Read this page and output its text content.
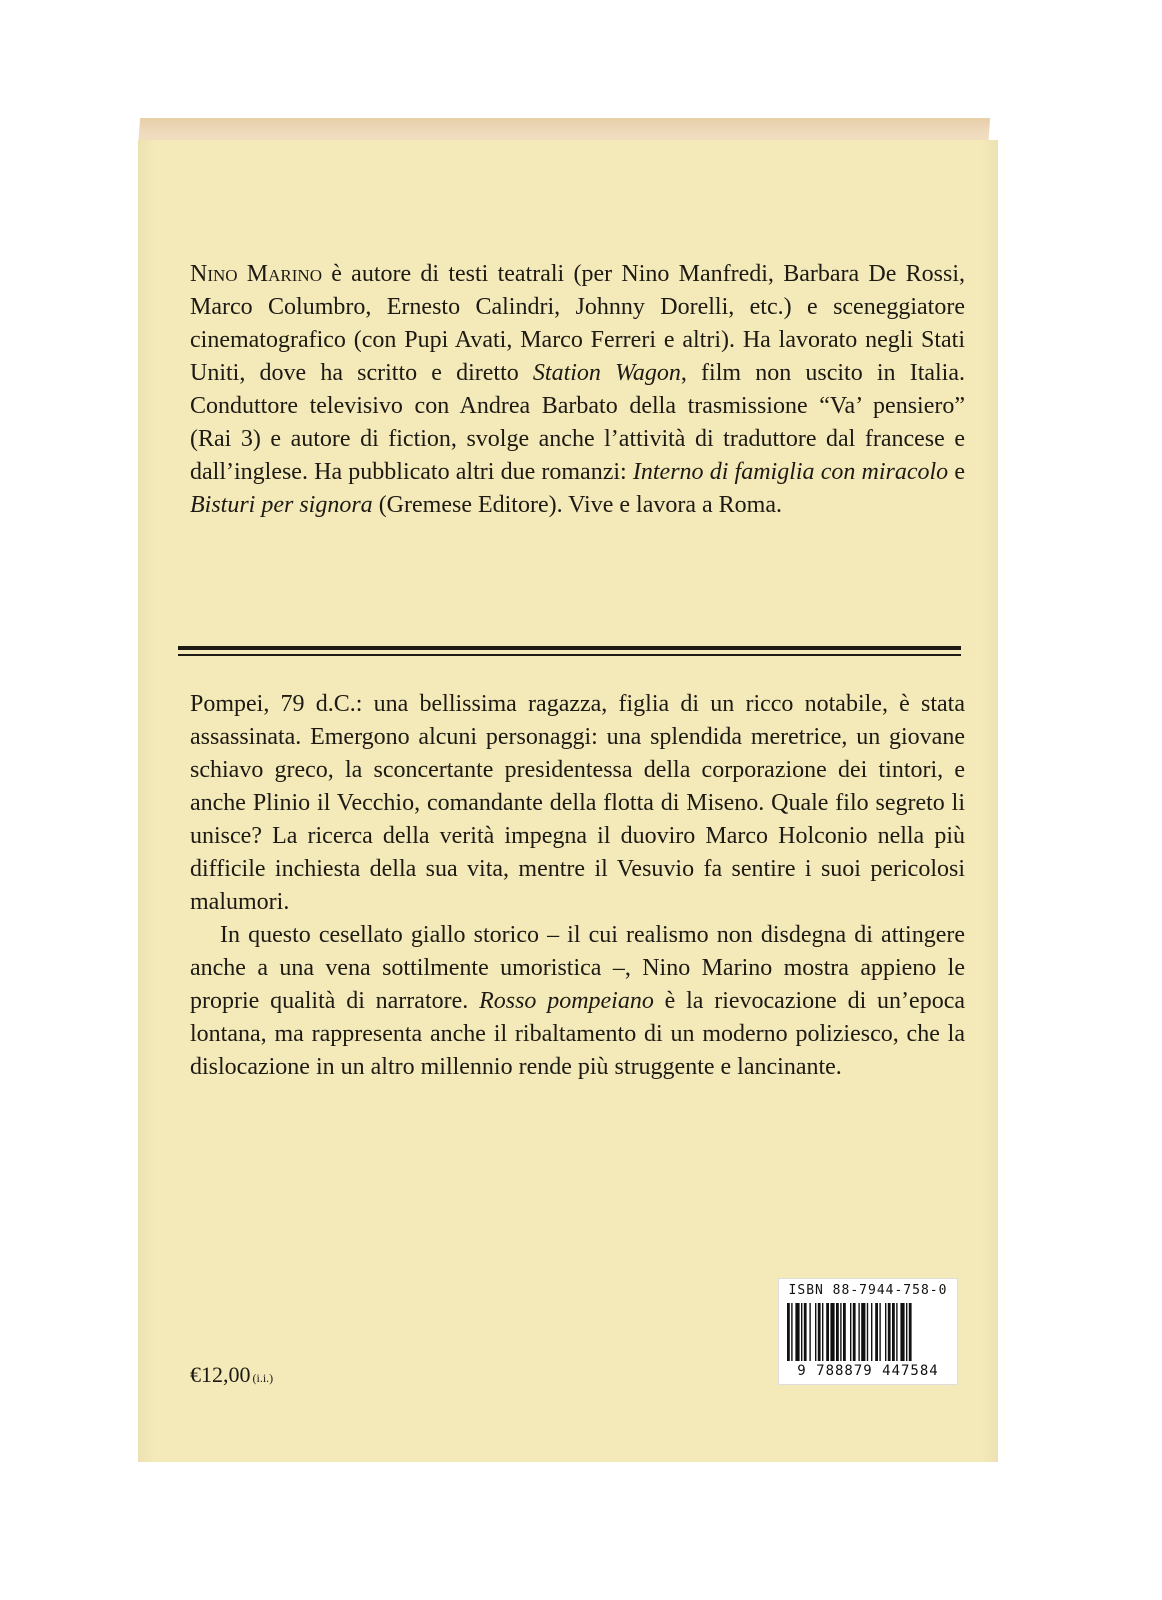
Nino Marino è autore di testi teatrali (per Nino Manfredi, Barbara De Rossi, Marco Columbro, Ernesto Calindri, Johnny Dorelli, etc.) e sceneggiatore cinematografico (con Pupi Avati, Marco Ferreri e altri). Ha lavorato negli Stati Uniti, dove ha scritto e diretto Station Wagon, film non uscito in Italia. Conduttore televisivo con Andrea Barbato della trasmissione “Va’ pensiero” (Rai 3) e autore di fiction, svolge anche l’attività di traduttore dal francese e dall’inglese. Ha pubblicato altri due romanzi: Interno di famiglia con miracolo e Bisturi per signora (Gremese Editore). Vive e lavora a Roma.

Pompei, 79 d.C.: una bellissima ragazza, figlia di un ricco notabile, è stata assassinata. Emergono alcuni personaggi: una splendida meretrice, un giovane schiavo greco, la sconcertante presidentessa della corporazione dei tintori, e anche Plinio il Vecchio, comandante della flotta di Miseno. Quale filo segreto li unisce? La ricerca della verità impegna il duoviro Marco Holconio nella più difficile inchiesta della sua vita, mentre il Vesuvio fa sentire i suoi pericolosi malumori.

In questo cesellato giallo storico – il cui realismo non disdegna di attingere anche a una vena sottilmente umoristica –, Nino Marino mostra appieno le proprie qualità di narratore. Rosso pompeiano è la rievocazione di un’epoca lontana, ma rappresenta anche il ribaltamento di un moderno poliziesco, che la dislocazione in un altro millennio rende più struggente e lancinante.

ISBN 88-7944-758-0
9 788879 447584
€12,00 (i.i.)
